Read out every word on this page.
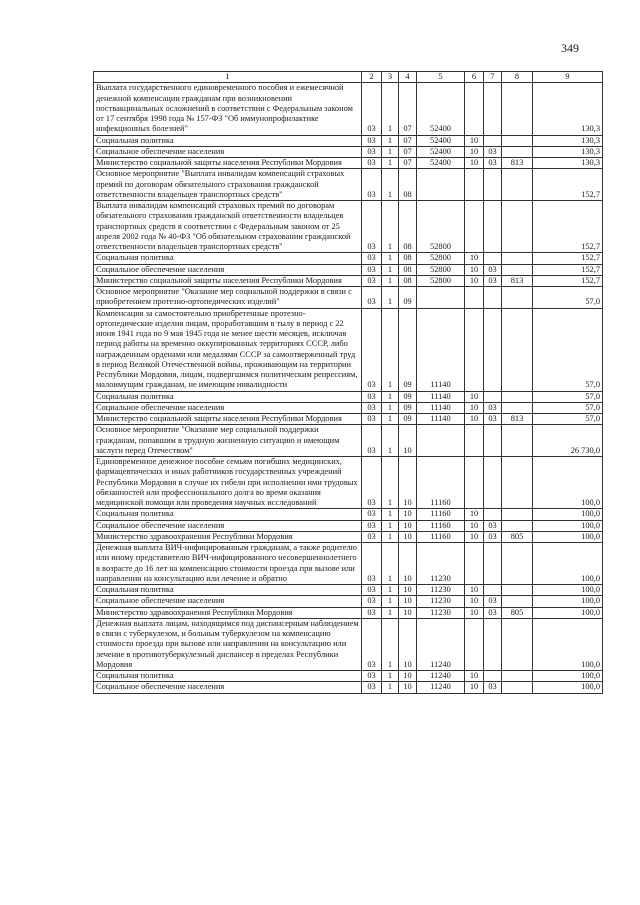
349
1	2	3	4	5	6	7	8	9
Выплата государственного единовременного пособия и ежемесячной денежной компенсации гражданам при возникновении поствакцинальных осложнений в соответствии с Федеральным законом от 17 сентября 1998 года № 157-ФЗ "Об иммунопрофилактике инфекционных болезней"	03	1	07	52400				130,3
Социальная политика	03	1	07	52400	10			130,3
Социальное обеспечение населения	03	1	07	52400	10	03		130,3
Министерство социальной защиты населения Республики Мордовия	03	1	07	52400	10	03	813	130,3
Основное мероприятие "Выплата инвалидам компенсаций страховых премий по договорам обязательного страхования гражданской ответственности владельцев транспортных средств"	03	1	08					152,7
Выплата инвалидам компенсаций страховых премий по договорам обязательного страхования гражданской ответственности владельцев транспортных средств в соответствии с Федеральным законом от 25 апреля 2002 года № 40-ФЗ "Об обязательном страховании гражданской ответственности владельцев транспортных средств"	03	1	08	52800				152,7
Социальная политика	03	1	08	52800	10			152,7
Социальное обеспечение населения	03	1	08	52800	10	03		152,7
Министерство социальной защиты населения Республики Мордовия	03	1	08	52800	10	03	813	152,7
Основное мероприятие "Оказание мер социальной поддержки в связи с приобретением протезно-ортопедических изделий"	03	1	09					57,0
Компенсация за самостоятельно приобретенные протезно-ортопедические изделия лицам, проработавшим в тылу в период с 22 июня 1941 года по 9 мая 1945 года не менее шести месяцев, исключая период работы на временно оккупированных территориях СССР, либо награжденным орденами или медалями СССР за самоотверженный труд в период Великой Отечественной войны, проживающим на территории Республики Мордовия, лицам, подвергшимся политическим репрессиям, малоимущим гражданам, не имеющим инвалидности	03	1	09	11140				57,0
Социальная политика	03	1	09	11140	10			57,0
Социальное обеспечение населения	03	1	09	11140	10	03		57,0
Министерство социальной защиты населения Республики Мордовия	03	1	09	11140	10	03	813	57,0
Основное мероприятие "Оказание мер социальной поддержки гражданам, попавшим в трудную жизненную ситуацию и имеющим заслуги перед Отечеством"	03	1	10					26 730,0
Единовременное денежное пособие семьям погибших медицинских, фармацевтических и иных работников государственных учреждений Республики Мордовия в случае их гибели при исполнении ими трудовых обязанностей или профессионального долга во время оказания медицинской помощи или проведения научных исследований	03	1	10	11160				100,0
Социальная политика	03	1	10	11160	10			100,0
Социальное обеспечение населения	03	1	10	11160	10	03		100,0
Министерство здравоохранения Республики Мордовия	03	1	10	11160	10	03	805	100,0
Денежная выплата ВИЧ-инфицированным гражданам, а также родителю или иному представителю ВИЧ-инфицированного несовершеннолетнего в возрасте до 16 лет на компенсацию стоимости проезда при вызове или направлении на консультацию или лечение и обратно	03	1	10	11230				100,0
Социальная политика	03	1	10	11230	10			100,0
Социальное обеспечение населения	03	1	10	11230	10	03		100,0
Министерство здравоохранения Республики Мордовия	03	1	10	11230	10	03	805	100,0
Денежная выплата лицам, находящимся под диспансерным наблюдением в связи с туберкулезом, и больным туберкулезом на компенсацию стоимости проезда при вызове или направлении на консультацию или лечение в противотуберкулезный диспансер в пределах Республики Мордовия	03	1	10	11240				100,0
Социальная политика	03	1	10	11240	10			100,0
Социальное обеспечение населения	03	1	10	11240	10	03		100,0
